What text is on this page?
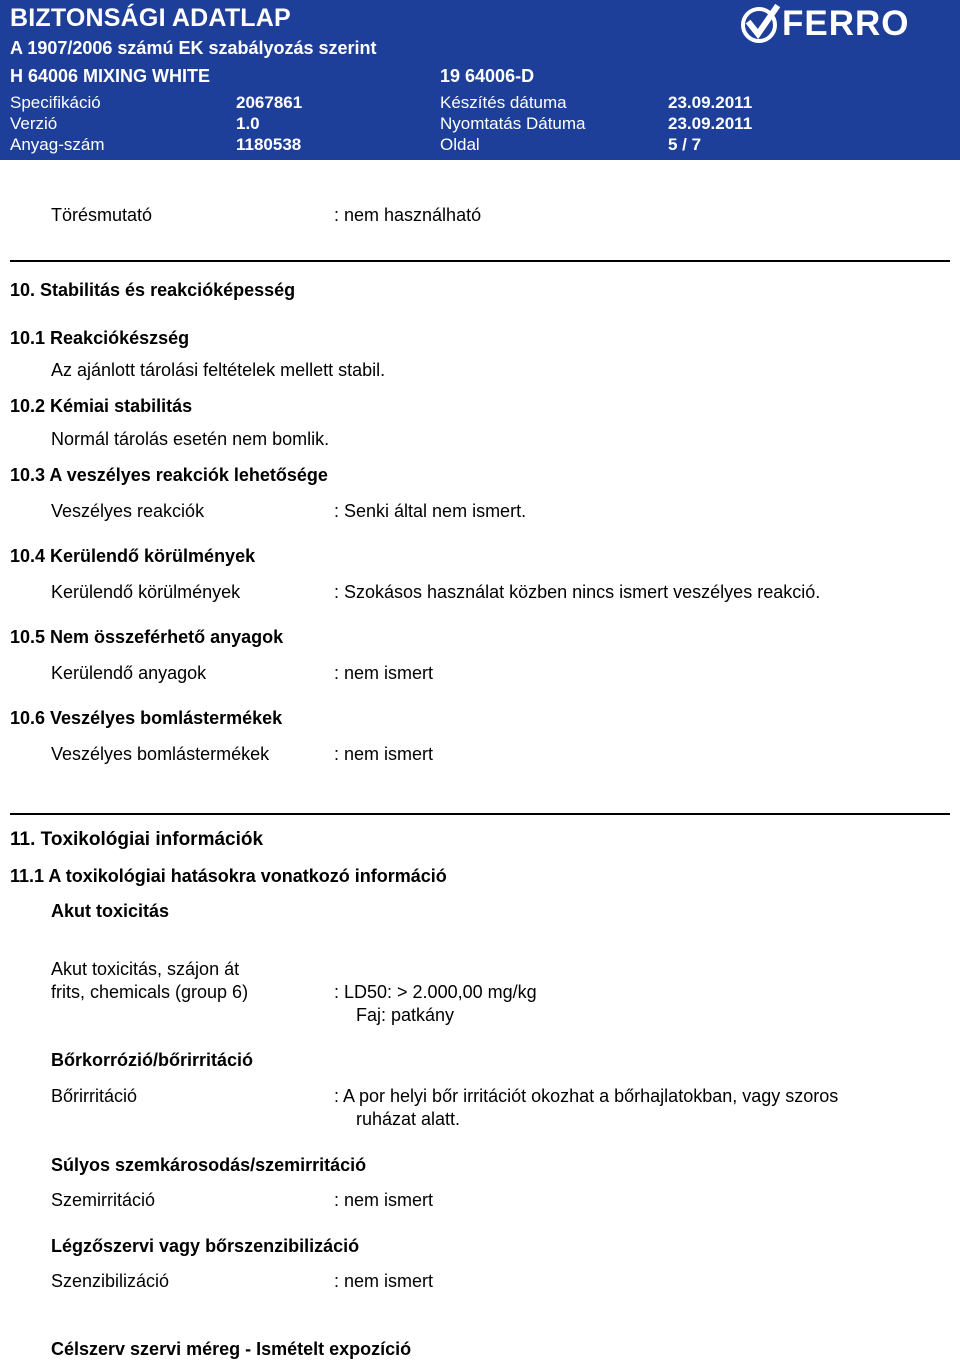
BIZTONSÁGI ADATLAP
A 1907/2006 számú EK szabályozás szerint
H 64006 MIXING WHITE	19 64006-D
Specifikáció	2067861	Készítés dátuma	23.09.2011
Verzió	1.0	Nyomtatás Dátuma	23.09.2011
Anyag-szám	1180538	Oldal	5 / 7
FERRO
Törésmutató	: nem használható
10. Stabilitás és reakcióképesség
10.1 Reakciókészség
Az ajánlott tárolási feltételek mellett stabil.
10.2 Kémiai stabilitás
Normál tárolás esetén nem bomlik.
10.3 A veszélyes reakciók lehetősége
Veszélyes reakciók	: Senki által nem ismert.
10.4 Kerülendő körülmények
Kerülendő körülmények	: Szokásos használat közben nincs ismert veszélyes reakció.
10.5 Nem összeférhető anyagok
Kerülendő anyagok	: nem ismert
10.6 Veszélyes bomlástermékek
Veszélyes bomlástermékek	: nem ismert
11. Toxikológiai információk
11.1 A toxikológiai hatásokra vonatkozó információ
Akut toxicitás
Akut toxicitás, szájon át
frits, chemicals (group 6)	: LD50: > 2.000,00 mg/kg
Faj: patkány
Bőrkorrózió/bőrirritáció
Bőrirritáció	: A por helyi bőr irritációt okozhat a bőrhajlatokban, vagy szoros
ruházat alatt.
Súlyos szemkárosodás/szemirritáció
Szemirritáció	: nem ismert
Légzőszervi vagy bőrszenzibilizáció
Szenzibilizáció	: nem ismert
Célszerv szervi méreg - Ismételt expozíció
